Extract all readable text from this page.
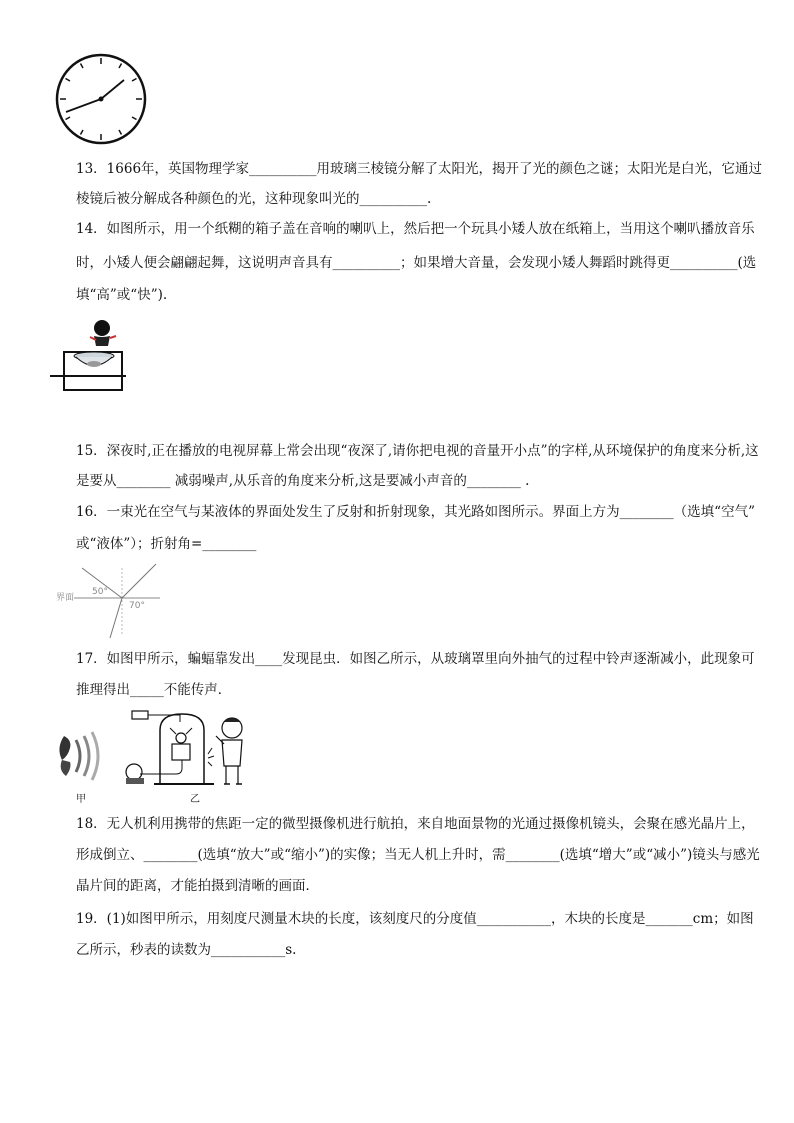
13．1666年，英国物理学家__________用玻璃三棱镜分解了太阳光，揭开了光的颜色之谜；太阳光是白光，它通过
棱镜后被分解成各种颜色的光，这种现象叫光的__________.
14．如图所示，用一个纸糊的箱子盖在音响的喇叭上，然后把一个玩具小矮人放在纸箱上，当用这个喇叭播放音乐
时，小矮人便会翩翩起舞，这说明声音具有__________；如果增大音量，会发现小矮人舞蹈时跳得更__________(选
填“高”或“快”).
15．深夜时,正在播放的电视屏幕上常会出现“夜深了,请你把电视的音量开小点”的字样,从环境保护的角度来分析,这
是要从________ 减弱噪声,从乐音的角度来分析,这是要减小声音的________ .
16．一束光在空气与某液体的界面处发生了反射和折射现象，其光路如图所示。界面上方为________（选填“空气”
或“液体”）；折射角=________
界面
50°
70°
17．如图甲所示，蝙蝠靠发出____发现昆虫．如图乙所示，从玻璃罩里向外抽气的过程中铃声逐渐减小，此现象可
推理得出_____不能传声．
甲	乙
18．无人机利用携带的焦距一定的微型摄像机进行航拍，来自地面景物的光通过摄像机镜头，会聚在感光晶片上，
形成倒立、________(选填“放大”或“缩小”)的实像；当无人机上升时，需________(选填“增大”或“减小”)镜头与感光
晶片间的距离，才能拍摄到清晰的画面．
19．(1)如图甲所示，用刻度尺测量木块的长度，该刻度尺的分度值___________，木块的长度是_______cm；如图
乙所示，秒表的读数为___________s.
